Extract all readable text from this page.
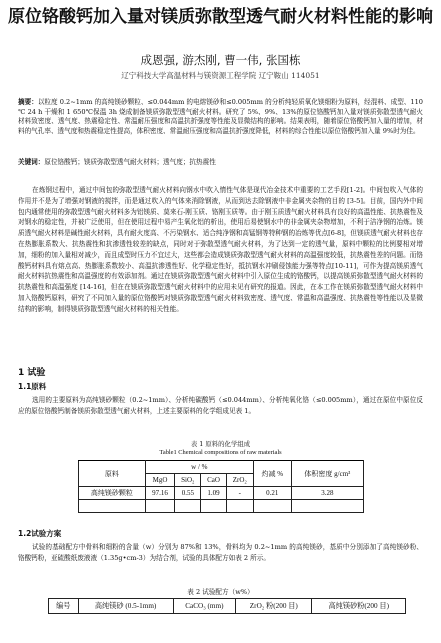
原位铬酸钙加入量对镁质弥散型透气耐火材料性能的影响
成恩强, 游杰刚, 曹一伟, 张国栋
辽宁科技大学高温材料与镁资源工程学院 辽宁鞍山 114051

摘要：以粒度 0.2~1mm 的高纯镁砂颗粒、≤0.044mm 的电熔镁砂和≤0.005mm 的分析纯轻质氧化镁细粉为原料，经混料、成型、110 ℃ 24 h 干燥和 1 650℃保温 3h 烧成制备镁质弥散型透气耐火材料。研究了 5%、9%、13%的原位铬酸钙加入量对镁质弥散型透气耐火材料致密度、透气度、热震稳定性、常温耐压强度和高温抗折强度等性能及显微结构的影响。结果表明，随着原位铬酸钙加入量的增加，材料的气孔率、透气度和热震稳定性提高，体积密度、常温耐压强度和高温抗折强度降低，材料的综合性能以原位铬酸钙加入量 9%时为佳。

关键词：原位铬酸钙；镁质弥散型透气耐火材料；透气度；抗热震性

在炼钢过程中，通过中间包的弥散型透气耐火材料向钢水中吹入惰性气体是现代冶金技术中重要的工艺手段[1-2]。中间包吹入气体的作用并不是为了增强对钢液的搅拌，而是通过吹入的气体来消除钢液，从而到达去除钢液中非金属夹杂物的目的 [3-5]。目前，国内外中间包内通常使用的弥散型透气耐火材料多为铝镁质、莫来石-刚玉质、铬刚玉质等。由于刚玉质透气耐火材料具有良好的高温性能、抗热震性及对钢水的稳定性，并被广泛使用，但在使用过程中易产生氧化铝的析出，使用后易使钢水中的非金属夹杂物增加，不利于洁净钢的冶炼。镁质透气耐火材料是碱性耐火材料，具有耐火度高、不污染钢水、适合纯净钢和高锰钢等特种钢的冶炼等优点[6-8]，但镁质透气耐火材料也存在热膨胀系数大、抗热震性和抗渗透性较差的缺点，同时对于弥散型透气耐火材料，为了达到一定的透气量，原料中颗粒的比例要相对增加，细粉的加入量相对减少，而且成型时压力不宜过大，这些都会造成镁质弥散型透气耐火材料的高温强度较低，抗热震性差的问题。而铬酸钙材料具有熔点高、热膨胀系数较小、高温抗渗透性好、化学稳定性好，抵抗钢水冲刷侵蚀能力强等特点[10-11]，可作为提高镁质透气耐火材料抗热震性和高温强度的有效添加剂。通过在镁质弥散型透气耐火材料中引入原位生成的铬酸钙，以提高镁质弥散型透气耐火材料的抗热震性和高温强度 [14-16]，但在在镁质弥散型透气耐火材料中的应用未见有研究的报道。因此，在本工作在镁质弥散型透气耐火材料中加入铬酸钙原料，研究了不同加入量的原位铬酸钙对镁质弥散型透气耐火材料致密度、透气度、常温和高温强度、抗热震性等性能以及显微结构的影响，制得镁质弥散型透气耐火材料的相关性能。

1 试验
1.1原料

选用的主要原料为高纯镁砂颗粒（0.2~1mm）、分析纯碳酸钙（≤0.044mm）、分析纯氧化铬（≤0.005mm），通过在原位中原位反应的原位铬酸钙制备镁质弥散型透气耐火材料，上述主要原料的化学组成见表 1。

表 1 原料的化学组成
Table1 Chemical compositions of raw materials
原料	w / %				灼减 %	体积密度 g/cm³
	MgO	SiO₂	CaO	ZrO₂		
高纯镁砂颗粒	97.16	0.55	1.09	-	0.21	3.28

1.2试验方案

试验的基础配方中骨料和细粉的含量（w）分别为 87%和 13%，骨料均为 0.2~1mm 的高纯镁砂，基质中分别添加了高纯镁砂粉、铬酸钙粉，亚硫酸纸废液液（1.35g•cm-3）为结合剂，试验的具体配方如表 2 所示。

表 2 试验配方（w%）
编号	高纯镁砂 (0.5-1mm)	CaCO₃ (mm)	ZrO₂ 粉(200 目)	高纯镁砂粉(200 目)
